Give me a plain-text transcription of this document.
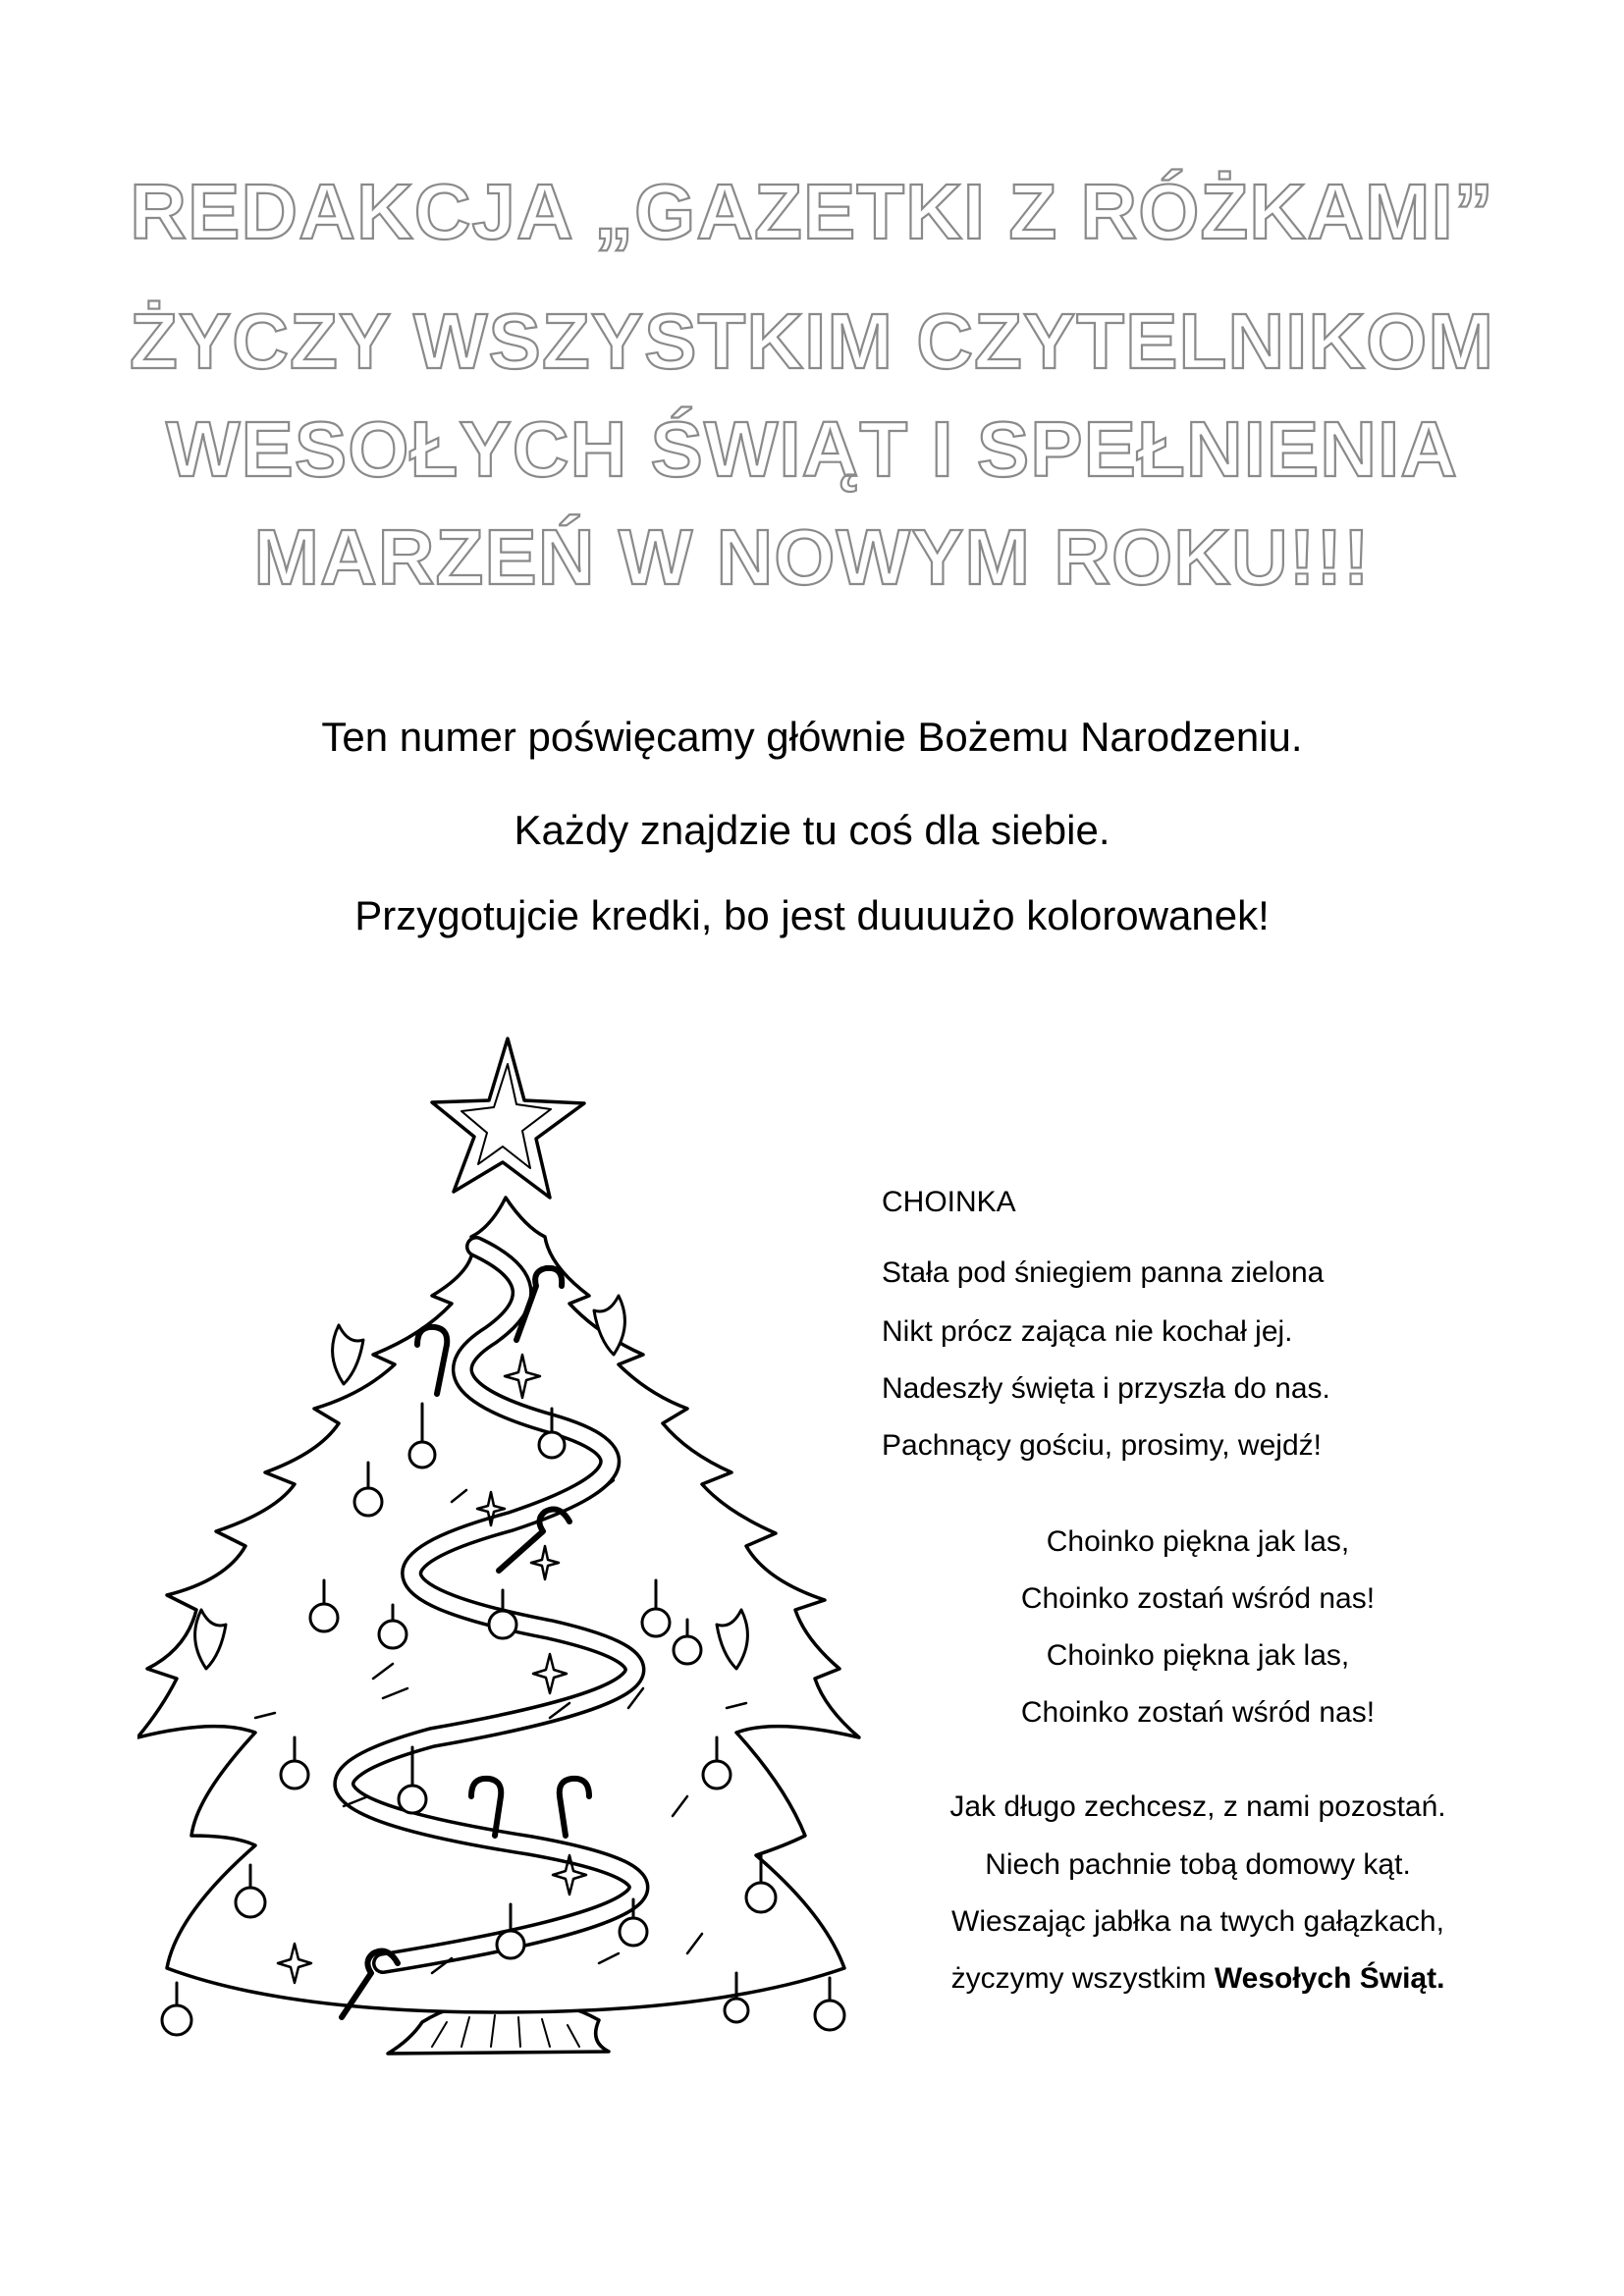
REDAKCJA „GAZETKI Z RÓŻKAMI”

ŻYCZY WSZYSTKIM CZYTELNIKOM

WESOŁYCH ŚWIĄT I SPEŁNIENIA

MARZEŃ W NOWYM ROKU!!!

Ten numer poświęcamy głównie Bożemu Narodzeniu.

Każdy znajdzie tu coś dla siebie.

Przygotujcie kredki, bo jest duuuużo kolorowanek!

CHOINKA

Stała pod śniegiem panna zielona

Nikt prócz zająca nie kochał jej.

Nadeszły święta i przyszła do nas.

Pachnący gościu, prosimy, wejdź!

Choinko piękna jak las,

Choinko zostań wśród nas!

Choinko piękna jak las,

Choinko zostań wśród nas!

Jak długo zechcesz, z nami pozostań.

Niech pachnie tobą domowy kąt.

Wieszając jabłka na twych gałązkach,

życzymy wszystkim Wesołych Świąt.
